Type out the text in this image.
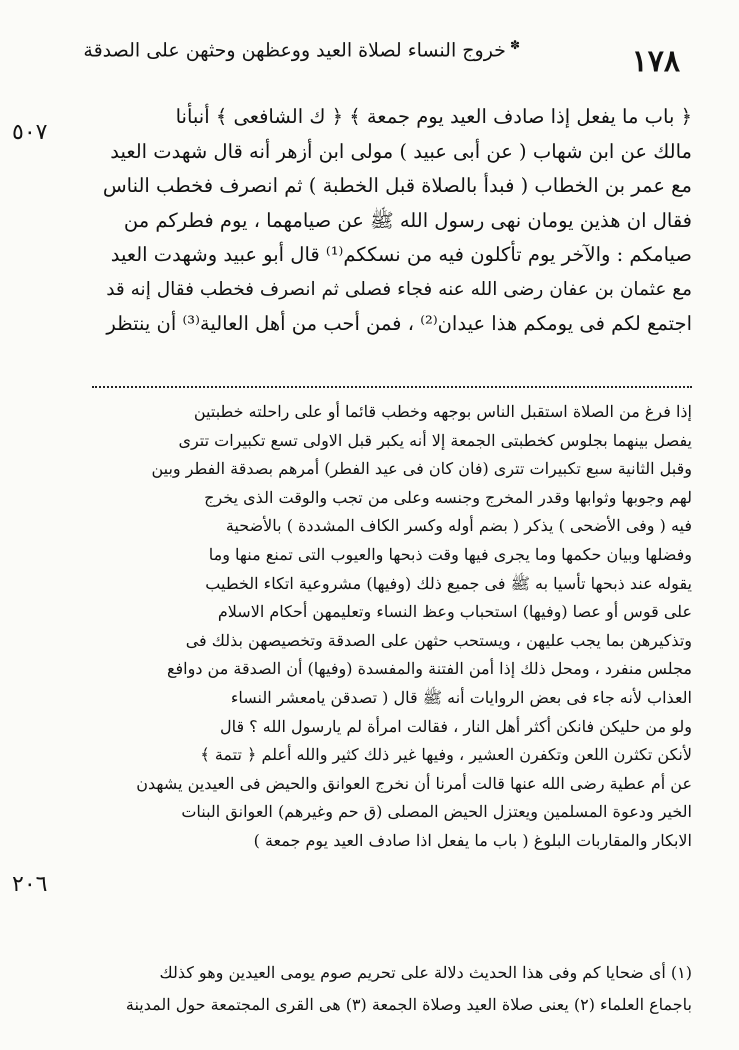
١٧٨
✽ خروج النساء لصلاة العيد ووعظهن وحثهن على الصدقة
٥٠٧
٢٠٦

﴿ باب ما يفعل إذا صادف العيد يوم جمعة ﴾ ﴿ ك الشافعى ﴾ أنبأنا

مالك عن ابن شهاب ( عن أبى عبيد ) مولى ابن أزهر أنه قال شهدت العيد

مع عمر بن الخطاب ( فبدأ بالصلاة قبل الخطبة ) ثم انصرف فخطب الناس

فقال ان هذين يومان نهى رسول الله ﷺ عن صيامهما ، يوم فطركم من

صيامكم : والآخر يوم تأكلون فيه من نسككم⁽¹⁾ قال أبو عبيد وشهدت العيد

مع عثمان بن عفان رضى الله عنه فجاء فصلى ثم انصرف فخطب فقال إنه قد

اجتمع لكم فى يومكم هذا عيدان⁽²⁾ ، فمن أحب من أهل العالية⁽³⁾ أن ينتظر

إذا فرغ من الصلاة استقبل الناس بوجهه وخطب قائما أو على راحلته خطبتين

يفصل بينهما بجلوس كخطبتى الجمعة إلا أنه يكبر قبل الاولى تسع تكبيرات تترى

وقبل الثانية سبع تكبيرات تترى (فان كان فى عيد الفطر) أمرهم بصدقة الفطر وبين

لهم وجوبها وثوابها وقدر المخرج وجنسه وعلى من تجب والوقت الذى يخرج

فيه ( وفى الأضحى ) يذكر ( بضم أوله وكسر الكاف المشددة ) بالأضحية

وفضلها وبيان حكمها وما يجرى فيها وقت ذبحها والعيوب التى تمنع منها وما

يقوله عند ذبحها تأسيا به ﷺ فى جميع ذلك (وفيها) مشروعية اتكاء الخطيب

على قوس أو عصا (وفيها) استحباب وعظ النساء وتعليمهن أحكام الاسلام

وتذكيرهن بما يجب عليهن ، ويستحب حثهن على الصدقة وتخصيصهن بذلك فى

مجلس منفرد ، ومحل ذلك إذا أمن الفتنة والمفسدة (وفيها) أن الصدقة من دوافع

العذاب لأنه جاء فى بعض الروايات أنه ﷺ قال ( تصدقن يامعشر النساء

ولو من حليكن فانكن أكثر أهل النار ، فقالت امرأة لم يارسول الله ؟ قال

لأنكن تكثرن اللعن وتكفرن العشير ، وفيها غير ذلك كثير والله أعلم ﴿ تتمة ﴾

عن أم عطية رضى الله عنها قالت أمرنا أن نخرج العوانق والحيض فى العيدين يشهدن

الخير ودعوة المسلمين ويعتزل الحيض المصلى (ق حم وغيرهم) العوانق البنات

الابكار والمقاربات البلوغ ( باب ما يفعل اذا صادف العيد يوم جمعة )

(١) أى ضحايا كم وفى هذا الحديث دلالة على تحريم صوم يومى العيدين وهو كذلك

باجماع العلماء (٢) يعنى صلاة العيد وصلاة الجمعة (٣) هى القرى المجتمعة حول المدينة
